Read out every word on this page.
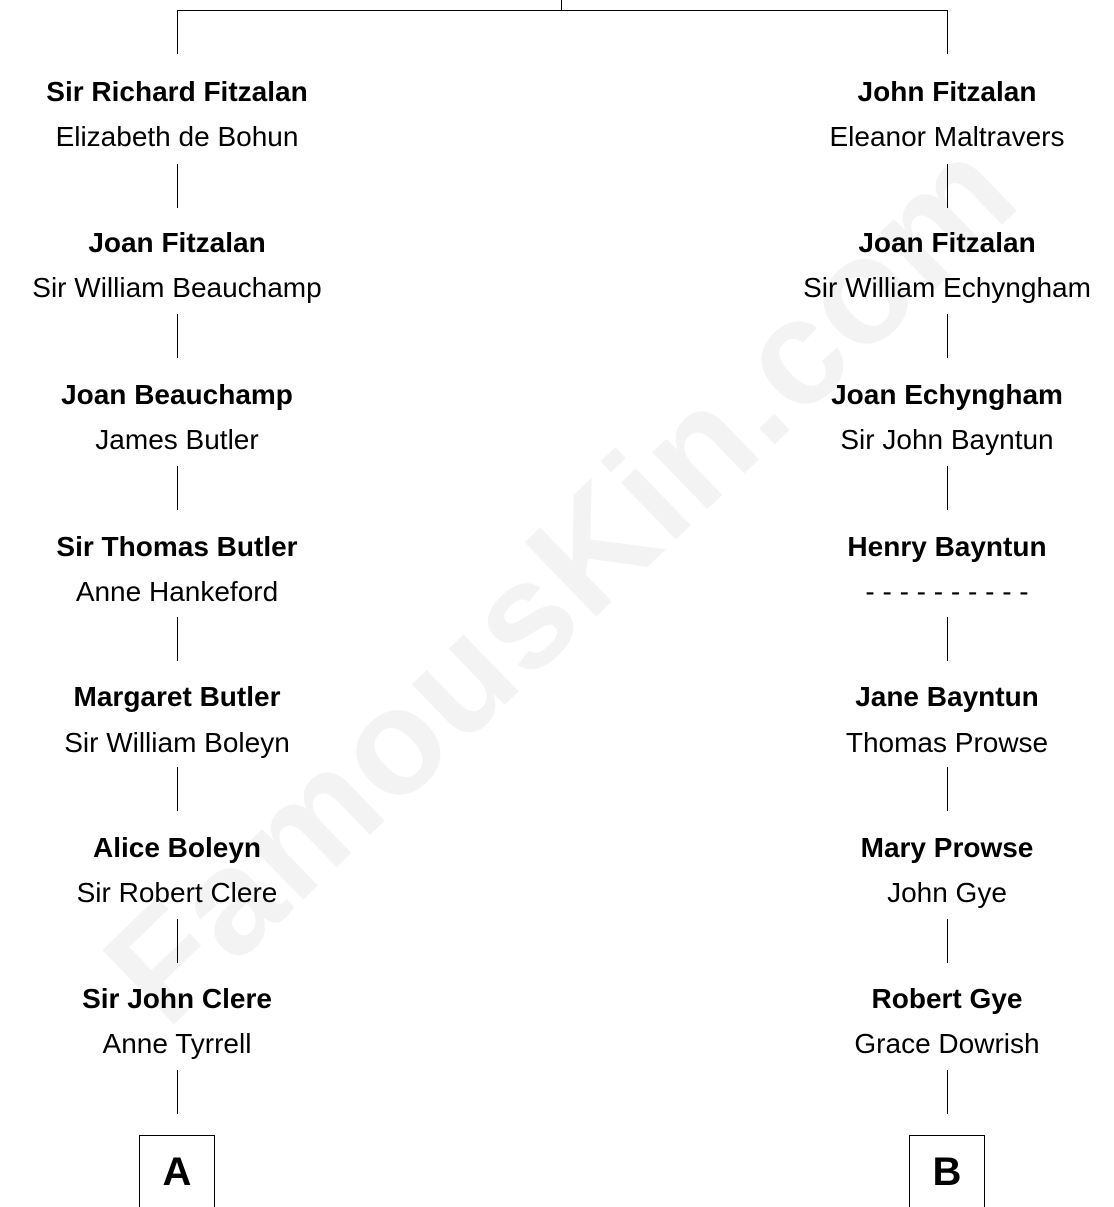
Sir Richard Fitzalan
Elizabeth de Bohun
Joan Fitzalan
Sir William Beauchamp
Joan Beauchamp
James Butler
Sir Thomas Butler
Anne Hankeford
Margaret Butler
Sir William Boleyn
Alice Boleyn
Sir Robert Clere
Sir John Clere
Anne Tyrrell
A
John Fitzalan
Eleanor Maltravers
Joan Fitzalan
Sir William Echyngham
Joan Echyngham
Sir John Bayntun
Henry Bayntun
- - - - - - - - - -
Jane Bayntun
Thomas Prowse
Mary Prowse
John Gye
Robert Gye
Grace Dowrish
B
